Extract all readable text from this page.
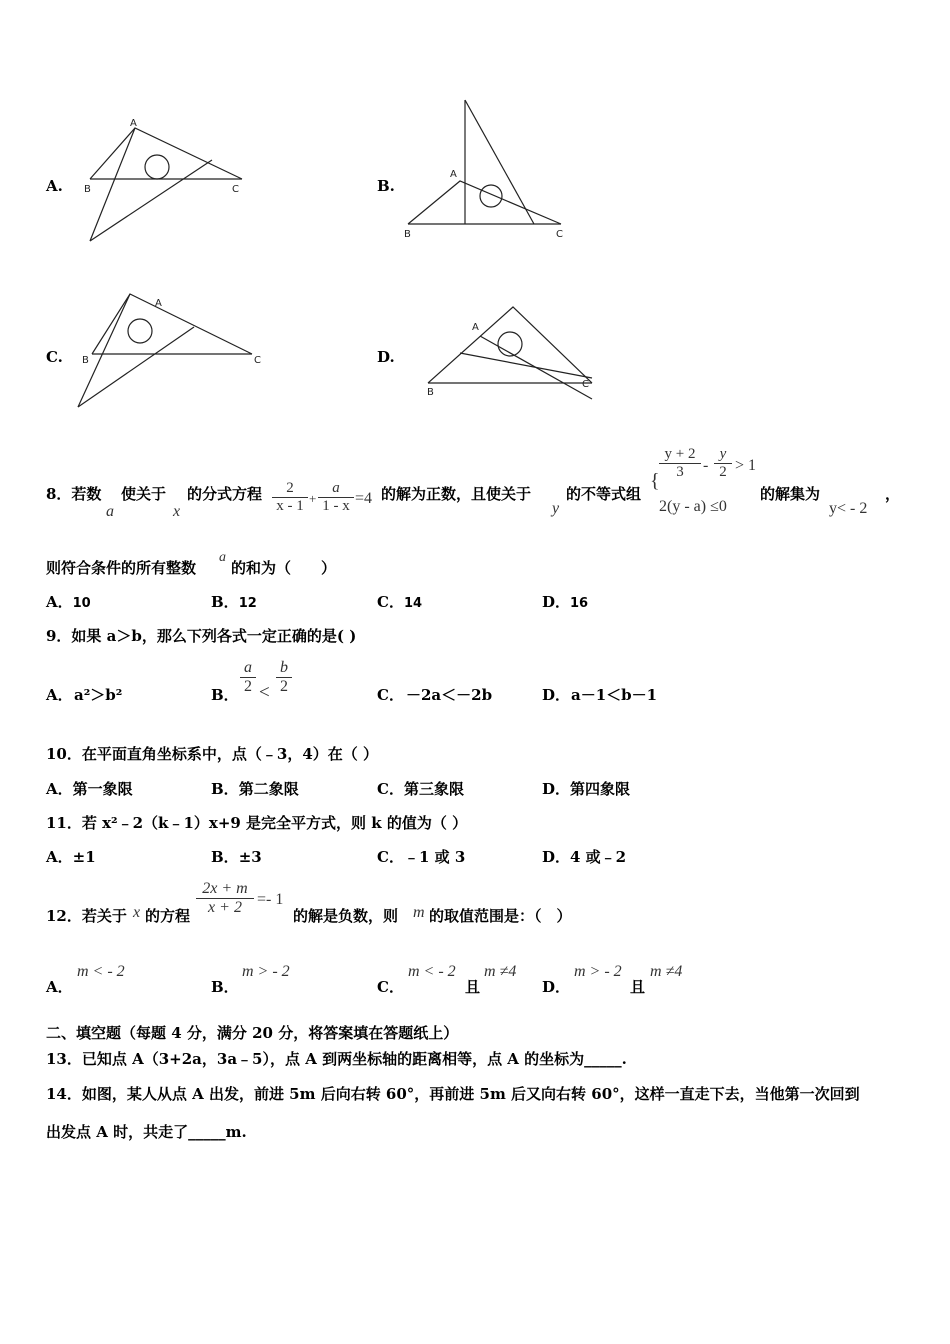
A.
A
B	C	B.
A
B	C
C.
A
B	C	D.
A
B
C
8．若数
a
使关于
x
的分式方程 $\frac{2}{x - 1} + \frac{a}{1 - x} =4$ 的解为正数，且使关于
y
的不等式组
{ $\frac{y + 2}{3} - \frac{y}{2} > 1$
2(y - a) ≤0
的解集为
y< - 2
，
则符合条件的所有整数
a
的和为（　　）
A．10	B．12	C．14	D．16
9．如果 a＞b，那么下列各式一定正确的是( )
A． a²＞b²	B． $\frac{a}{2} < \frac{b}{2}$	C． －2a＜－2b	D． a－1＜b－1
10．在平面直角坐标系中，点（﹣3，4）在（ ）
A．第一象限	B．第二象限	C．第三象限	D．第四象限
11．若 x²﹣2（k﹣1）x+9 是完全平方式，则 k 的值为（ ）
A．±1	B．±3	C．﹣1 或 3	D．4 或﹣2
12．若关于 x 的方程 $\frac{2x + m}{x + 2} =- 1$
的解是负数，则 m 的取值范围是：（　）
A．
m < - 2
B．
m > - 2
C．
m < - 2
且
m ≠4
D．
m > - 2
且
m ≠4
二、填空题（每题 4 分，满分 20 分，将答案填在答题纸上）
13．已知点 A（3+2a，3a﹣5），点 A 到两坐标轴的距离相等，点 A 的坐标为_____.
14．如图，某人从点 A 出发，前进 5m 后向右转 60°，再前进 5m 后又向右转 60°，这样一直走下去，当他第一次回到
出发点 A 时，共走了_____m.
